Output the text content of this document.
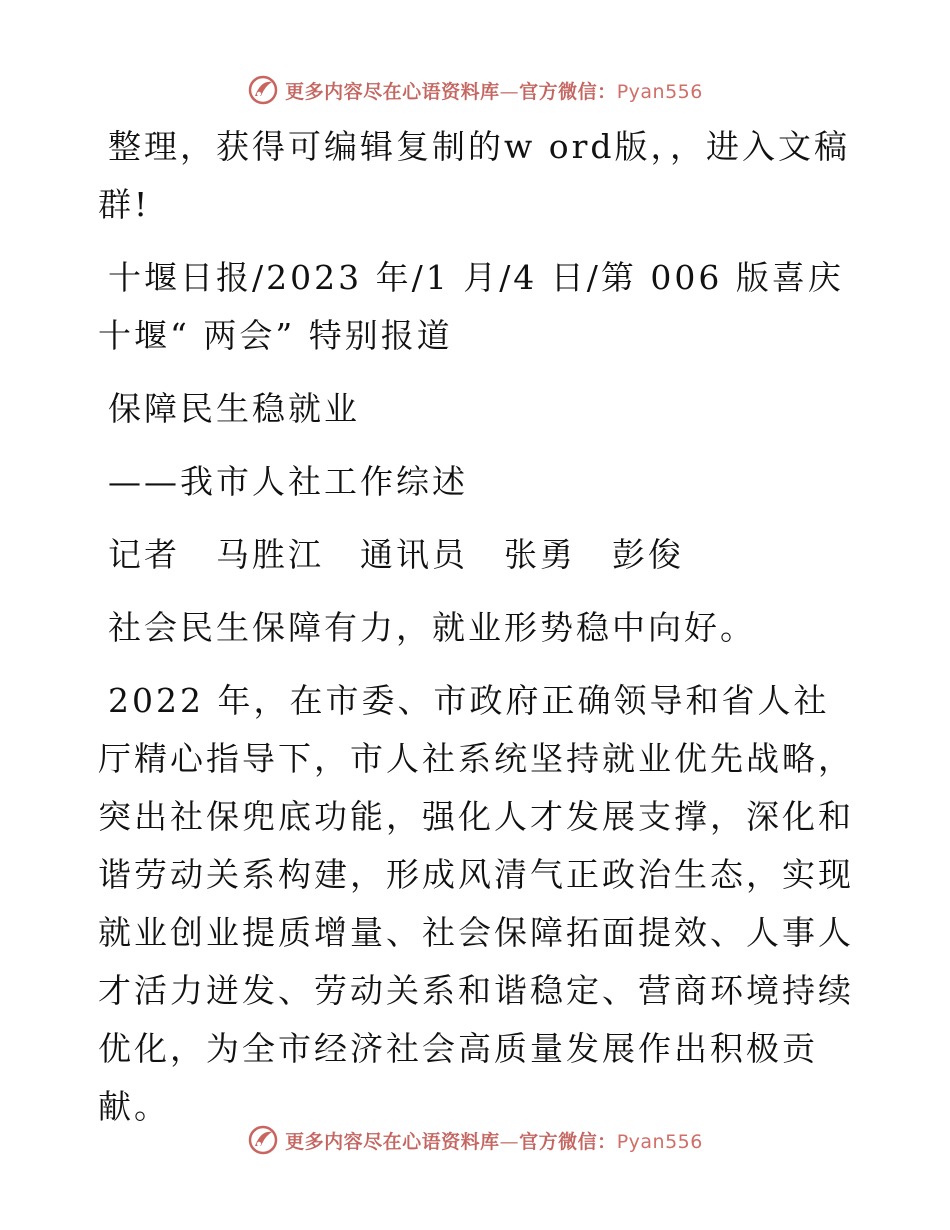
更多内容尽在心语资料库—官方微信：Pyan556

整理，获得可编辑复制的w ord版，，进入文稿群!

十堰日报/2023 年/1 月/4 日/第 006 版喜庆十堰“ 两会” 特别报道

保障民生稳就业

——我市人社工作综述

记者　马胜江　通讯员　张勇　彭俊

社会民生保障有力，就业形势稳中向好。

2022 年，在市委、市政府正确领导和省人社厅精心指导下，市人社系统坚持就业优先战略，突出社保兜底功能，强化人才发展支撑，深化和谐劳动关系构建，形成风清气正政治生态，实现就业创业提质增量、社会保障拓面提效、人事人才活力迸发、劳动关系和谐稳定、营商环境持续优化，为全市经济社会高质量发展作出积极贡献。

更多内容尽在心语资料库—官方微信：Pyan556
